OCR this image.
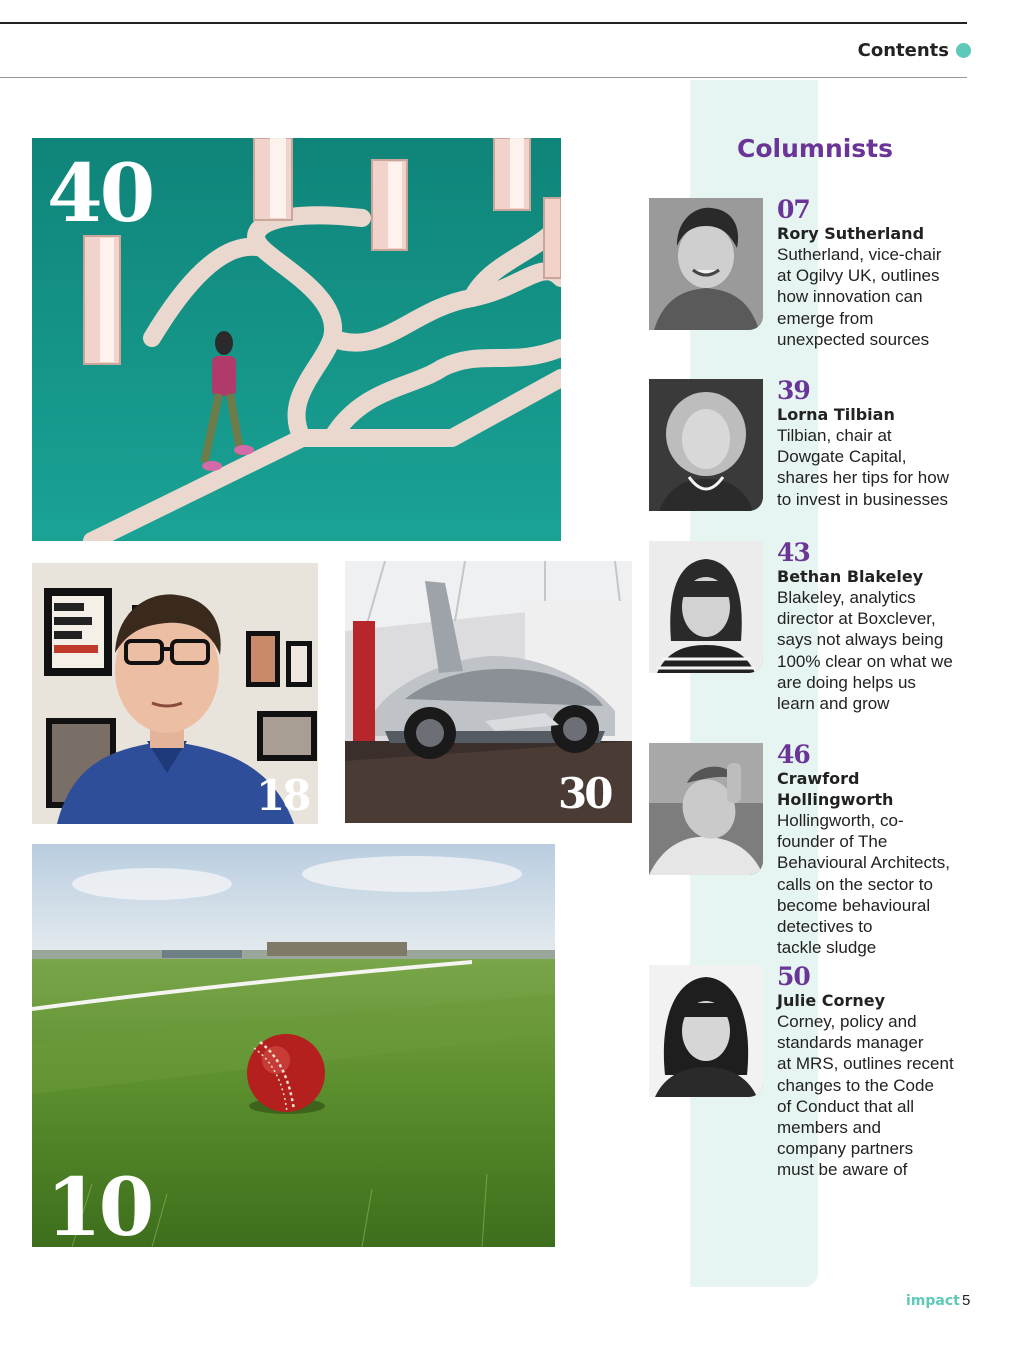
Contents
40
18	30
10
Columnists
07
Rory Sutherland
Sutherland, vice-chair
at Ogilvy UK, outlines
how innovation can
emerge from
unexpected sources
39
Lorna Tilbian
Tilbian, chair at
Dowgate Capital,
shares her tips for how
to invest in businesses
43
Bethan Blakeley
Blakeley, analytics
director at Boxclever,
says not always being
100% clear on what we
are doing helps us
learn and grow
46
Crawford Hollingworth
Hollingworth, co-
founder of The
Behavioural Architects,
calls on the sector to
become behavioural
detectives to
tackle sludge
50
Julie Corney
Corney, policy and
standards manager
at MRS, outlines recent
changes to the Code
of Conduct that all
members and
company partners
must be aware of
impact 5
